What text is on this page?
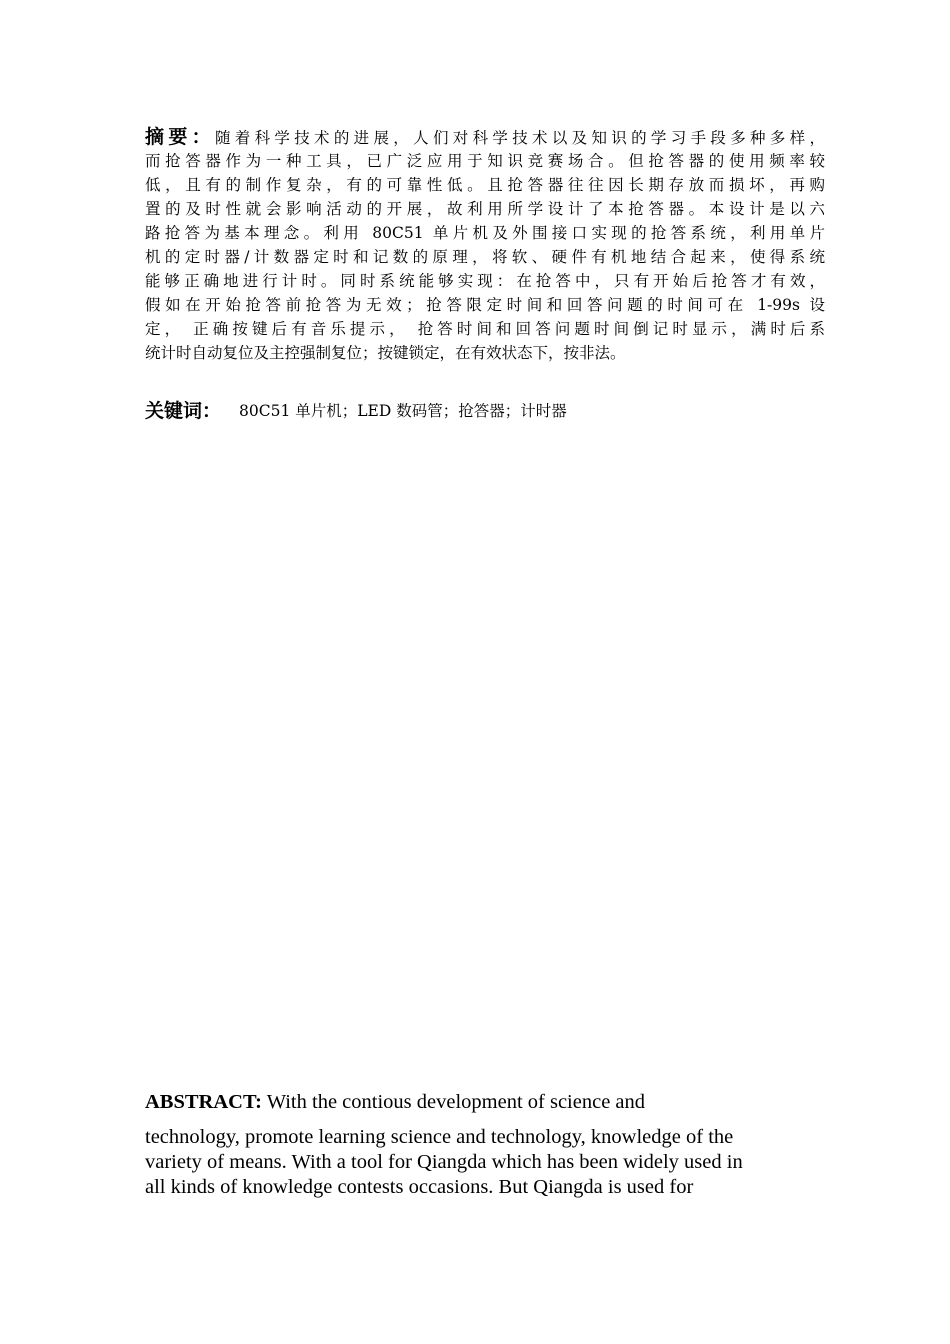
摘要：随着科学技术的进展，人们对科学技术以及知识的学习手段多种多样，
而抢答器作为一种工具，已广泛应用于知识竞赛场合。但抢答器的使用频率较
低，且有的制作复杂，有的可靠性低。且抢答器往往因长期存放而损坏，再购
置的及时性就会影响活动的开展，故利用所学设计了本抢答器。本设计是以六
路抢答为基本理念。利用 80C51 单片机及外围接口实现的抢答系统，利用单片
机的定时器/计数器定时和记数的原理，将软、硬件有机地结合起来，使得系统
能够正确地进行计时。同时系统能够实现：在抢答中，只有开始后抢答才有效，
假如在开始抢答前抢答为无效；抢答限定时间和回答问题的时间可在 1-99s 设
定， 正确按键后有音乐提示， 抢答时间和回答问题时间倒记时显示，满时后系
统计时自动复位及主控强制复位；按键锁定，在有效状态下，按非法。
关键词： 80C51 单片机；LED 数码管；抢答器；计时器
ABSTRACT: With the contious development of science and
technology, promote learning science and technology, knowledge of the
variety of means. With a tool for Qiangda which has been widely used in
all kinds of knowledge contests occasions. But Qiangda is used for
